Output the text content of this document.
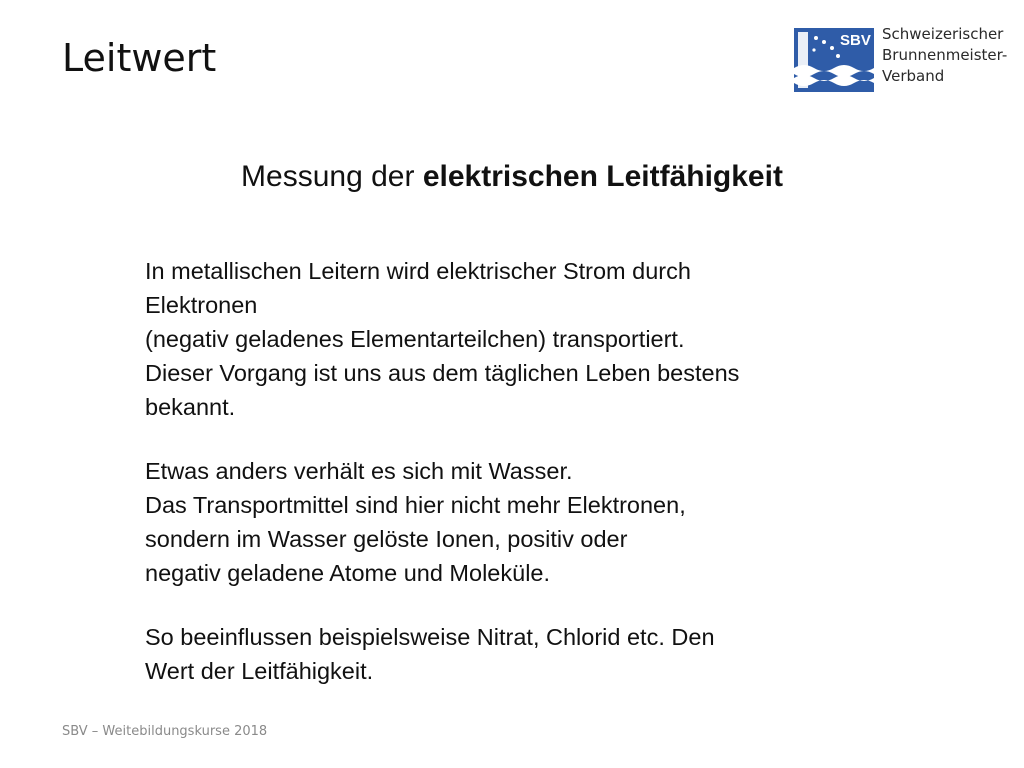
Leitwert	SBV Schweizerischer
Brunnenmeister-
Verband
Messung der elektrischen Leitfähigkeit

In metallischen Leitern wird elektrischer Strom durch

Elektronen

(negativ geladenes Elementarteilchen) transportiert.

Dieser Vorgang ist uns aus dem täglichen Leben bestens

bekannt.

Etwas anders verhält es sich mit Wasser.

Das Transportmittel sind hier nicht mehr Elektronen,

sondern im Wasser gelöste Ionen, positiv oder

negativ geladene Atome und Moleküle.

So beeinflussen beispielsweise Nitrat, Chlorid etc. Den

Wert der Leitfähigkeit.

SBV – Weitebildungskurse 2018
